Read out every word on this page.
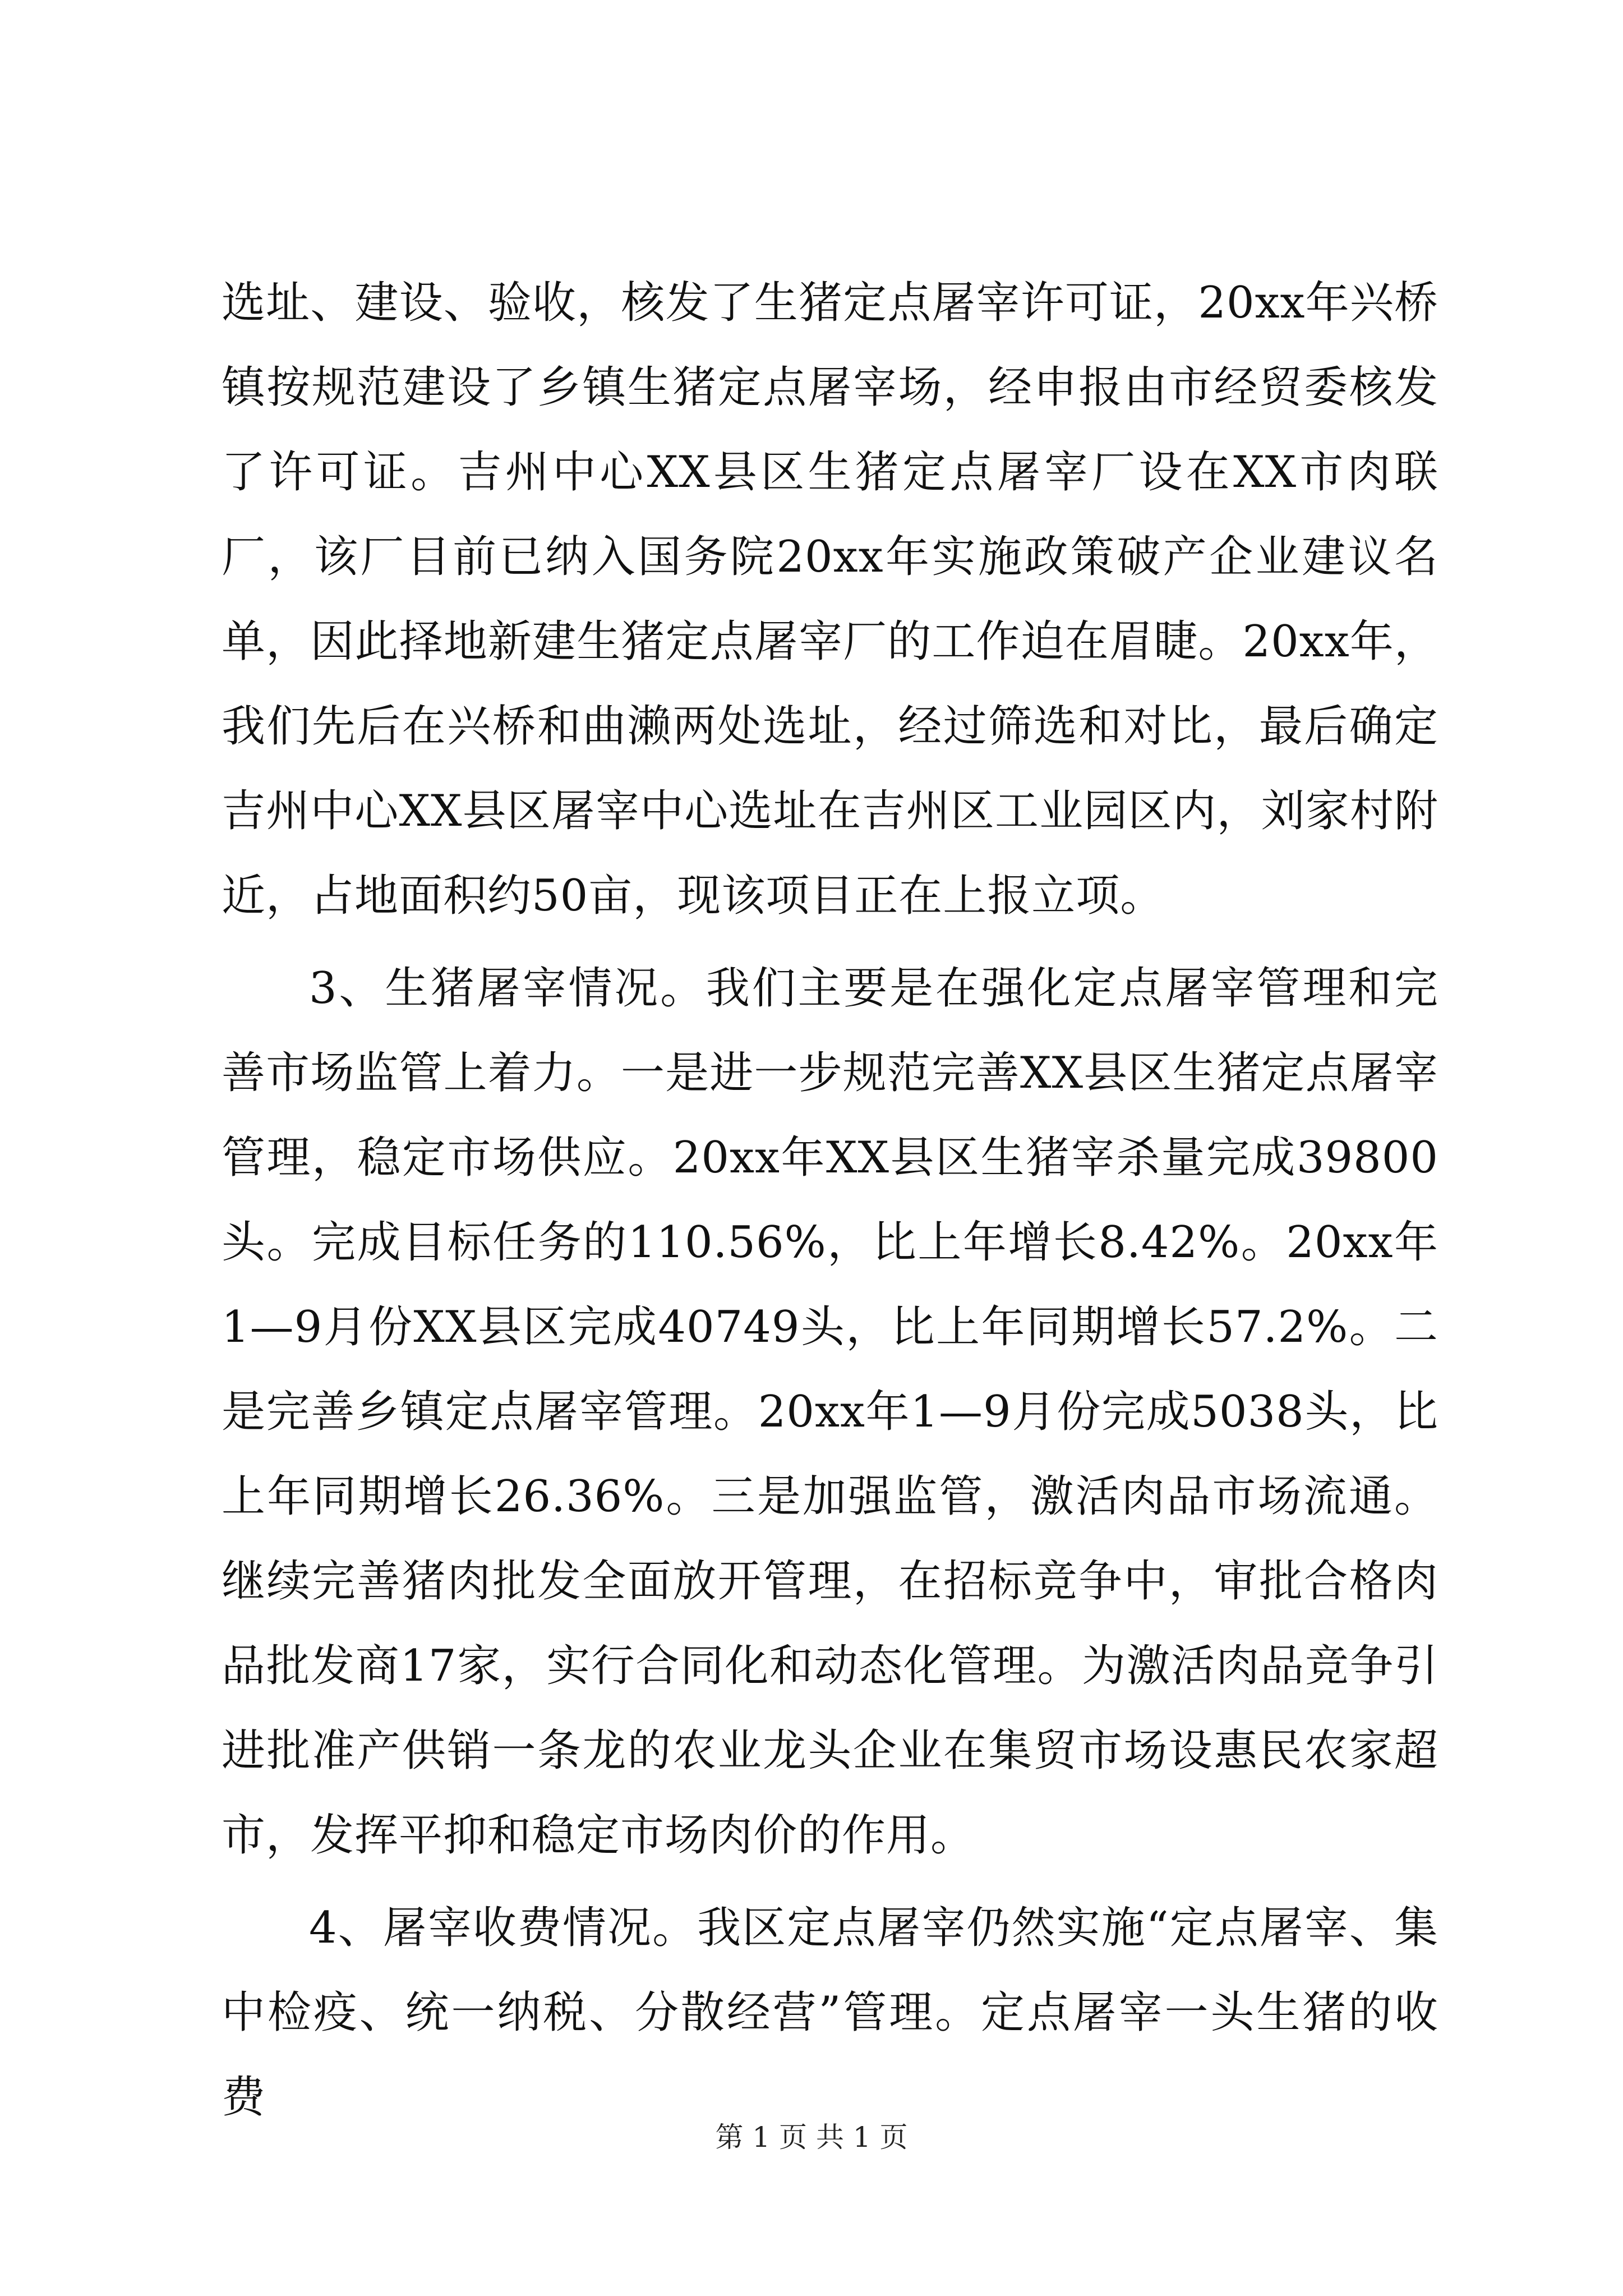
选址、建设、验收，核发了生猪定点屠宰许可证，20xx年兴桥镇按规范建设了乡镇生猪定点屠宰场，经申报由市经贸委核发了许可证。吉州中心XX县区生猪定点屠宰厂设在XX市肉联厂，该厂目前已纳入国务院20xx年实施政策破产企业建议名单，因此择地新建生猪定点屠宰厂的工作迫在眉睫。20xx年，我们先后在兴桥和曲濑两处选址，经过筛选和对比，最后确定吉州中心XX县区屠宰中心选址在吉州区工业园区内，刘家村附近，占地面积约50亩，现该项目正在上报立项。

3、生猪屠宰情况。我们主要是在强化定点屠宰管理和完善市场监管上着力。一是进一步规范完善XX县区生猪定点屠宰管理，稳定市场供应。20xx年XX县区生猪宰杀量完成39800头。完成目标任务的110.56%，比上年增长8.42%。20xx年1—9月份XX县区完成40749头，比上年同期增长57.2%。二是完善乡镇定点屠宰管理。20xx年1—9月份完成5038头，比上年同期增长26.36%。三是加强监管，激活肉品市场流通。继续完善猪肉批发全面放开管理，在招标竞争中，审批合格肉品批发商17家，实行合同化和动态化管理。为激活肉品竞争引进批准产供销一条龙的农业龙头企业在集贸市场设惠民农家超市，发挥平抑和稳定市场肉价的作用。

4、屠宰收费情况。我区定点屠宰仍然实施“定点屠宰、集中检疫、统一纳税、分散经营”管理。定点屠宰一头生猪的收费

第 1 页 共 1 页
